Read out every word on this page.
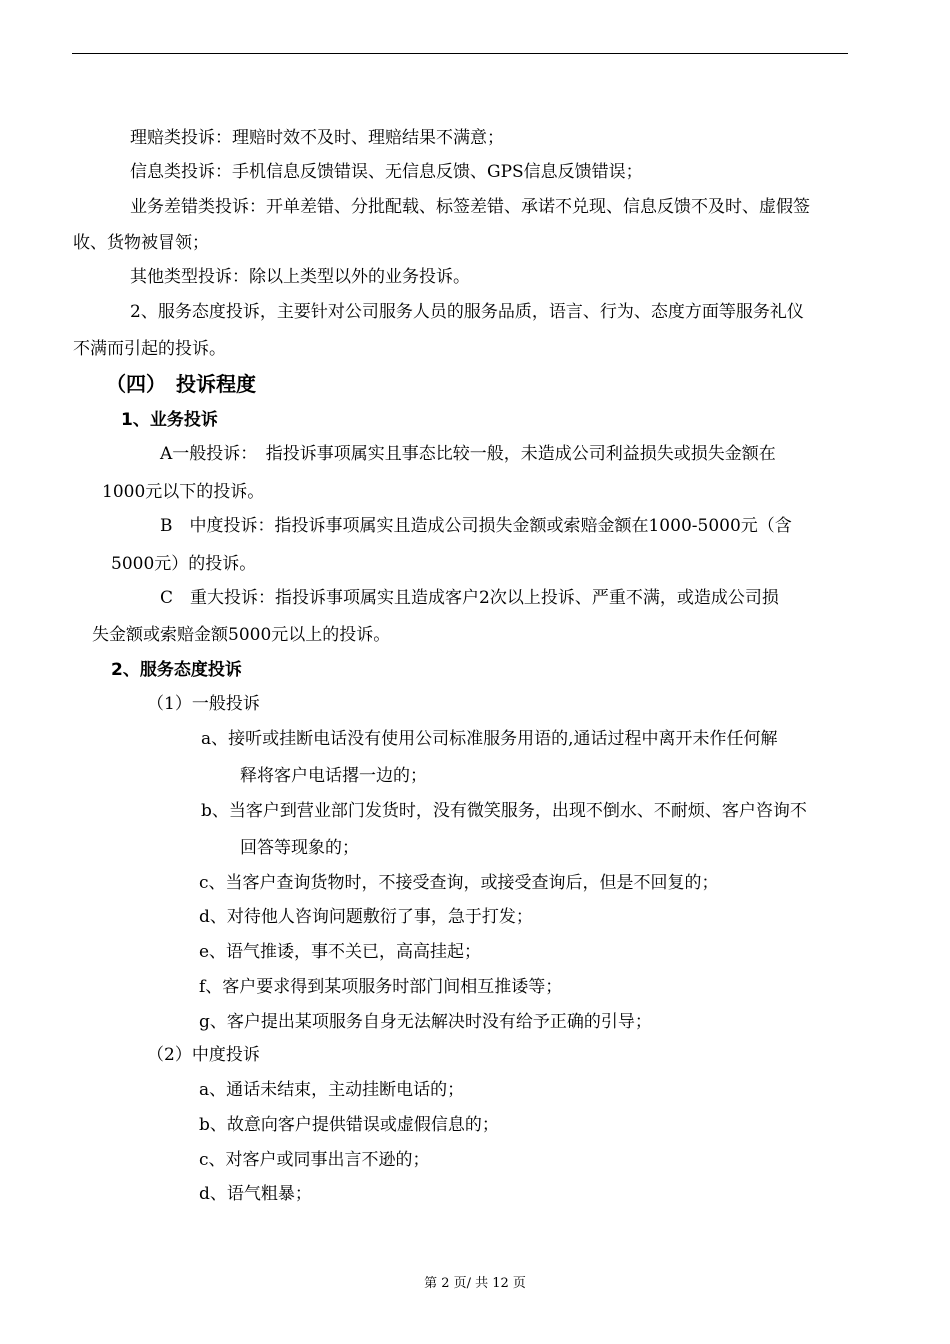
理赔类投诉：理赔时效不及时、理赔结果不满意；
信息类投诉：手机信息反馈错误、无信息反馈、GPS信息反馈错误；
业务差错类投诉：开单差错、分批配载、标签差错、承诺不兑现、信息反馈不及时、虚假签
收、货物被冒领；
其他类型投诉：除以上类型以外的业务投诉。
2、服务态度投诉，主要针对公司服务人员的服务品质，语言、行为、态度方面等服务礼仪
不满而引起的投诉。
（四）　投诉程度
1、业务投诉
A一般投诉：　指投诉事项属实且事态比较一般，未造成公司利益损失或损失金额在
1000元以下的投诉。
B　中度投诉：指投诉事项属实且造成公司损失金额或索赔金额在1000-5000元（含
5000元）的投诉。
C　重大投诉：指投诉事项属实且造成客户2次以上投诉、严重不满，或造成公司损
失金额或索赔金额5000元以上的投诉。
2、服务态度投诉
（1）一般投诉
a、接听或挂断电话没有使用公司标准服务用语的,通话过程中离开未作任何解
释将客户电话撂一边的；
b、当客户到营业部门发货时，没有微笑服务，出现不倒水、不耐烦、客户咨询不
回答等现象的；
c、当客户查询货物时，不接受查询，或接受查询后，但是不回复的；
d、对待他人咨询问题敷衍了事，急于打发；
e、语气推诿，事不关已，高高挂起；
f、客户要求得到某项服务时部门间相互推诿等；
g、客户提出某项服务自身无法解决时没有给予正确的引导；
（2）中度投诉
a、通话未结束，主动挂断电话的；
b、故意向客户提供错误或虚假信息的；
c、对客户或同事出言不逊的；
d、语气粗暴；
第 2 页/ 共 12 页
